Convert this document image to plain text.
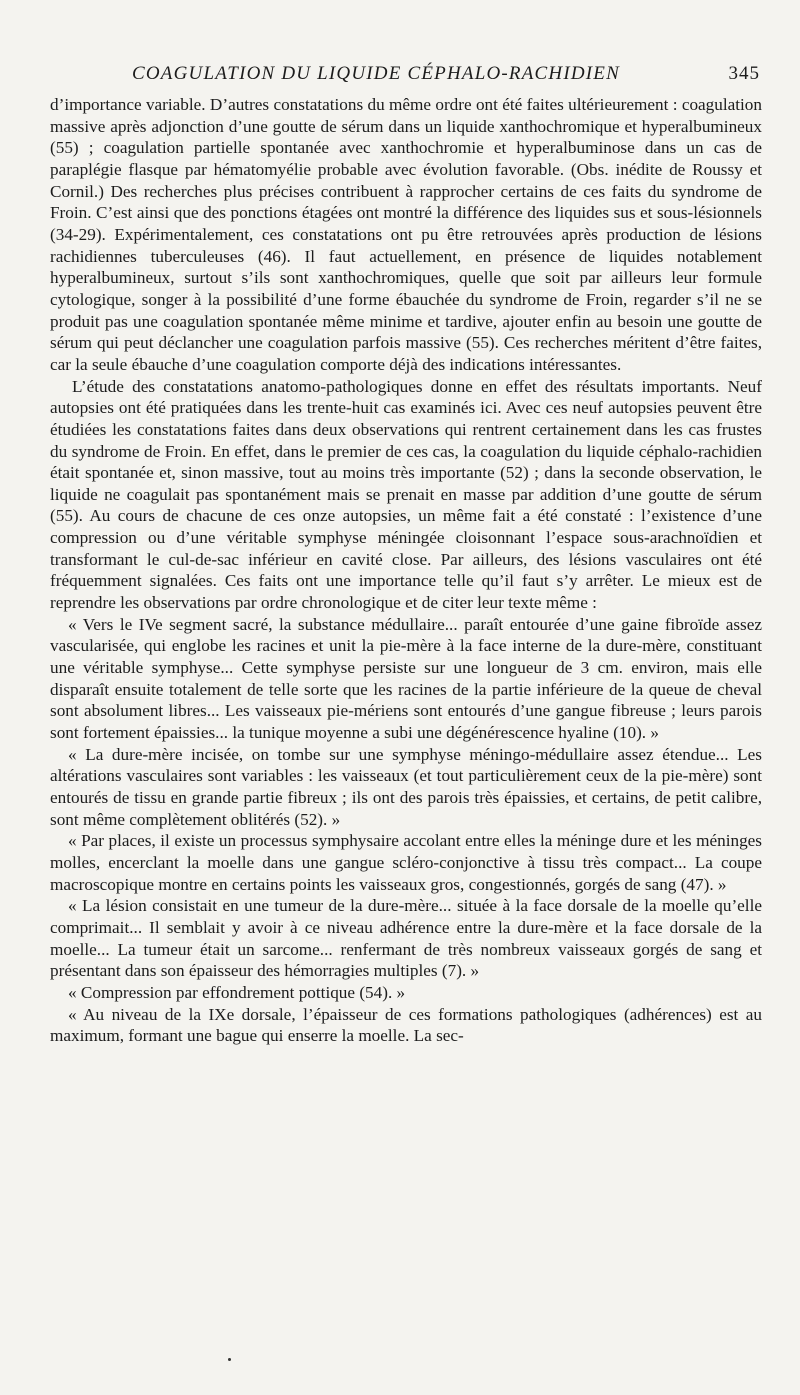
COAGULATION DU LIQUIDE CÉPHALO-RACHIDIEN	345

d’importance variable. D’autres constatations du même ordre ont été faites ultérieurement : coagulation massive après adjonction d’une goutte de sérum dans un liquide xanthochromique et hyperalbumineux (55) ; coagulation partielle spontanée avec xanthochromie et hyperalbuminose dans un cas de paraplégie flasque par hématomyélie probable avec évolution favorable. (Obs. inédite de Roussy et Cornil.) Des recherches plus précises contribuent à rapprocher certains de ces faits du syndrome de Froin. C’est ainsi que des ponctions étagées ont montré la différence des liquides sus et sous-lésionnels (34-29). Expérimentalement, ces constatations ont pu être retrouvées après production de lésions rachidiennes tuberculeuses (46). Il faut actuellement, en présence de liquides notablement hyperalbumineux, surtout s’ils sont xanthochromiques, quelle que soit par ailleurs leur formule cytologique, songer à la possibilité d’une forme ébauchée du syndrome de Froin, regarder s’il ne se produit pas une coagulation spontanée même minime et tardive, ajouter enfin au besoin une goutte de sérum qui peut déclancher une coagulation parfois massive (55). Ces recherches méritent d’être faites, car la seule ébauche d’une coagulation comporte déjà des indications intéressantes.

L’étude des constatations anatomo-pathologiques donne en effet des résultats importants. Neuf autopsies ont été pratiquées dans les trente-huit cas examinés ici. Avec ces neuf autopsies peuvent être étudiées les constatations faites dans deux observations qui rentrent certainement dans les cas frustes du syndrome de Froin. En effet, dans le premier de ces cas, la coagulation du liquide céphalo-rachidien était spontanée et, sinon massive, tout au moins très importante (52) ; dans la seconde observation, le liquide ne coagulait pas spontanément mais se prenait en masse par addition d’une goutte de sérum (55). Au cours de chacune de ces onze autopsies, un même fait a été constaté : l’existence d’une compression ou d’une véritable symphyse méningée cloisonnant l’espace sous-arachnoïdien et transformant le cul-de-sac inférieur en cavité close. Par ailleurs, des lésions vasculaires ont été fréquemment signalées. Ces faits ont une importance telle qu’il faut s’y arrêter. Le mieux est de reprendre les observations par ordre chronologique et de citer leur texte même :

« Vers le IVe segment sacré, la substance médullaire... paraît entourée d’une gaine fibroïde assez vascularisée, qui englobe les racines et unit la pie-mère à la face interne de la dure-mère, constituant une véritable symphyse... Cette symphyse persiste sur une longueur de 3 cm. environ, mais elle disparaît ensuite totalement de telle sorte que les racines de la partie inférieure de la queue de cheval sont absolument libres... Les vaisseaux pie-mériens sont entourés d’une gangue fibreuse ; leurs parois sont fortement épaissies... la tunique moyenne a subi une dégénérescence hyaline (10). »

« La dure-mère incisée, on tombe sur une symphyse méningo-médullaire assez étendue... Les altérations vasculaires sont variables : les vaisseaux (et tout particulièrement ceux de la pie-mère) sont entourés de tissu en grande partie fibreux ; ils ont des parois très épaissies, et certains, de petit calibre, sont même complètement oblitérés (52). »

« Par places, il existe un processus symphysaire accolant entre elles la méninge dure et les méninges molles, encerclant la moelle dans une gangue scléro-conjonctive à tissu très compact... La coupe macroscopique montre en certains points les vaisseaux gros, congestionnés, gorgés de sang (47). »

« La lésion consistait en une tumeur de la dure-mère... située à la face dorsale de la moelle qu’elle comprimait... Il semblait y avoir à ce niveau adhérence entre la dure-mère et la face dorsale de la moelle... La tumeur était un sarcome... renfermant de très nombreux vaisseaux gorgés de sang et présentant dans son épaisseur des hémorragies multiples (7). »

« Compression par effondrement pottique (54). »

« Au niveau de la IXe dorsale, l’épaisseur de ces formations pathologiques (adhérences) est au maximum, formant une bague qui enserre la moelle. La sec-
